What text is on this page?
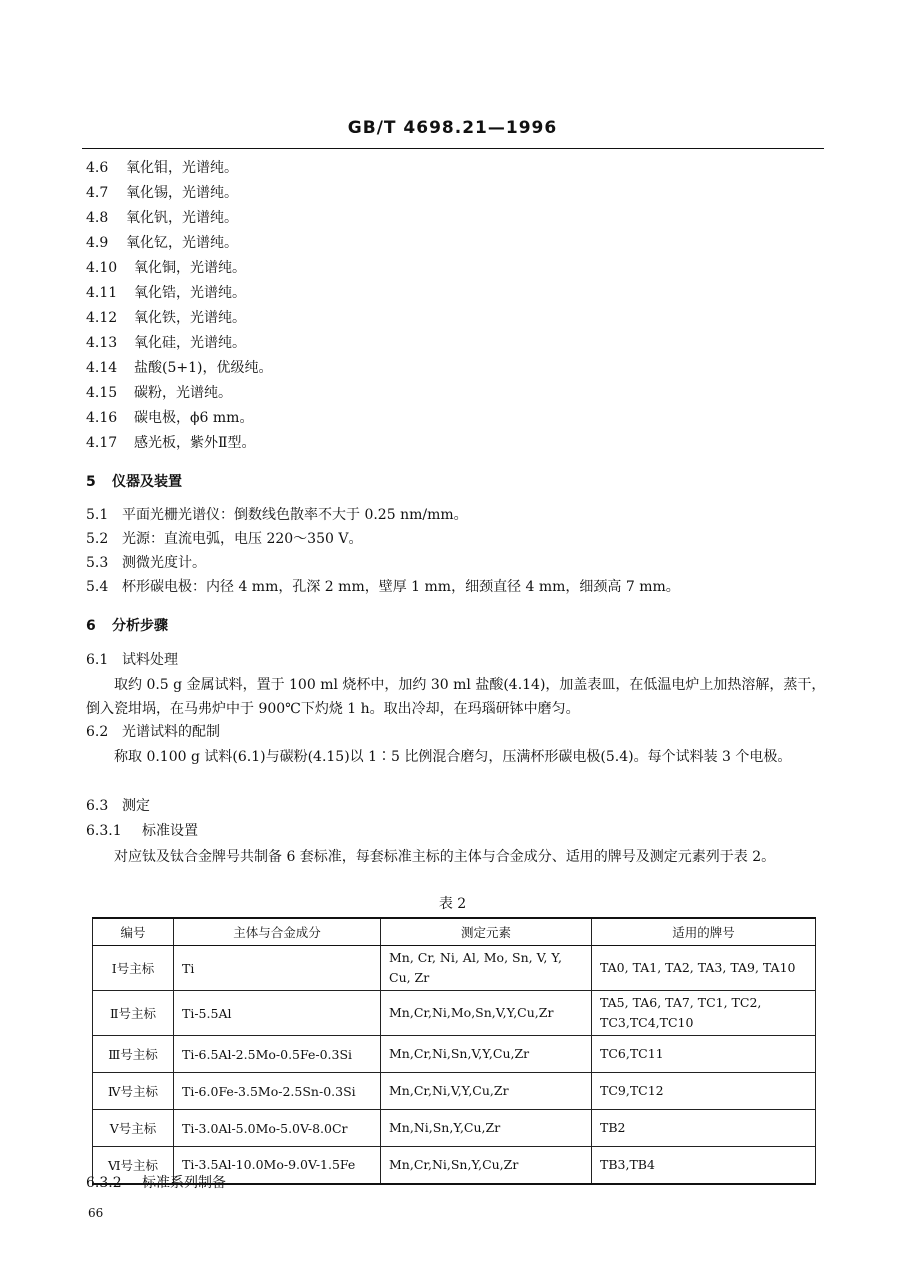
GB/T 4698.21—1996
4.6 氧化钼，光谱纯。
4.7 氧化锡，光谱纯。
4.8 氧化钒，光谱纯。
4.9 氧化钇，光谱纯。
4.10 氧化铜，光谱纯。
4.11 氧化锆，光谱纯。
4.12 氧化铁，光谱纯。
4.13 氧化硅，光谱纯。
4.14 盐酸(5+1)，优级纯。
4.15 碳粉，光谱纯。
4.16 碳电极，ϕ6 mm。
4.17 感光板，紫外Ⅱ型。
5 仪器及装置
5.1 平面光栅光谱仪：倒数线色散率不大于 0.25 nm/mm。
5.2 光源：直流电弧，电压 220～350 V。
5.3 测微光度计。
5.4 杯形碳电极：内径 4 mm，孔深 2 mm，壁厚 1 mm，细颈直径 4 mm，细颈高 7 mm。
6 分析步骤
6.1 试料处理
取约 0.5 g 金属试料，置于 100 ml 烧杯中，加约 30 ml 盐酸(4.14)，加盖表皿，在低温电炉上加热溶解，蒸干，倒入瓷坩埚，在马弗炉中于 900℃下灼烧 1 h。取出冷却，在玛瑙研钵中磨匀。
6.2 光谱试料的配制
称取 0.100 g 试料(6.1)与碳粉(4.15)以 1∶5 比例混合磨匀，压满杯形碳电极(5.4)。每个试料装 3 个电极。
6.3 测定
6.3.1 标准设置
对应钛及钛合金牌号共制备 6 套标准，每套标准主标的主体与合金成分、适用的牌号及测定元素列于表 2。
表 2
编号	主体与合金成分	测定元素	适用的牌号
Ⅰ号主标	Ti	Mn, Cr, Ni, Al, Mo, Sn, V, Y, Cu, Zr	TA0, TA1, TA2, TA3, TA9, TA10
Ⅱ号主标	Ti-5.5Al	Mn,Cr,Ni,Mo,Sn,V,Y,Cu,Zr	TA5, TA6, TA7, TC1, TC2, TC3,TC4,TC10
Ⅲ号主标	Ti-6.5Al-2.5Mo-0.5Fe-0.3Si	Mn,Cr,Ni,Sn,V,Y,Cu,Zr	TC6,TC11
Ⅳ号主标	Ti-6.0Fe-3.5Mo-2.5Sn-0.3Si	Mn,Cr,Ni,V,Y,Cu,Zr	TC9,TC12
Ⅴ号主标	Ti-3.0Al-5.0Mo-5.0V-8.0Cr	Mn,Ni,Sn,Y,Cu,Zr	TB2
Ⅵ号主标	Ti-3.5Al-10.0Mo-9.0V-1.5Fe	Mn,Cr,Ni,Sn,Y,Cu,Zr	TB3,TB4
6.3.2 标准系列制备
66
